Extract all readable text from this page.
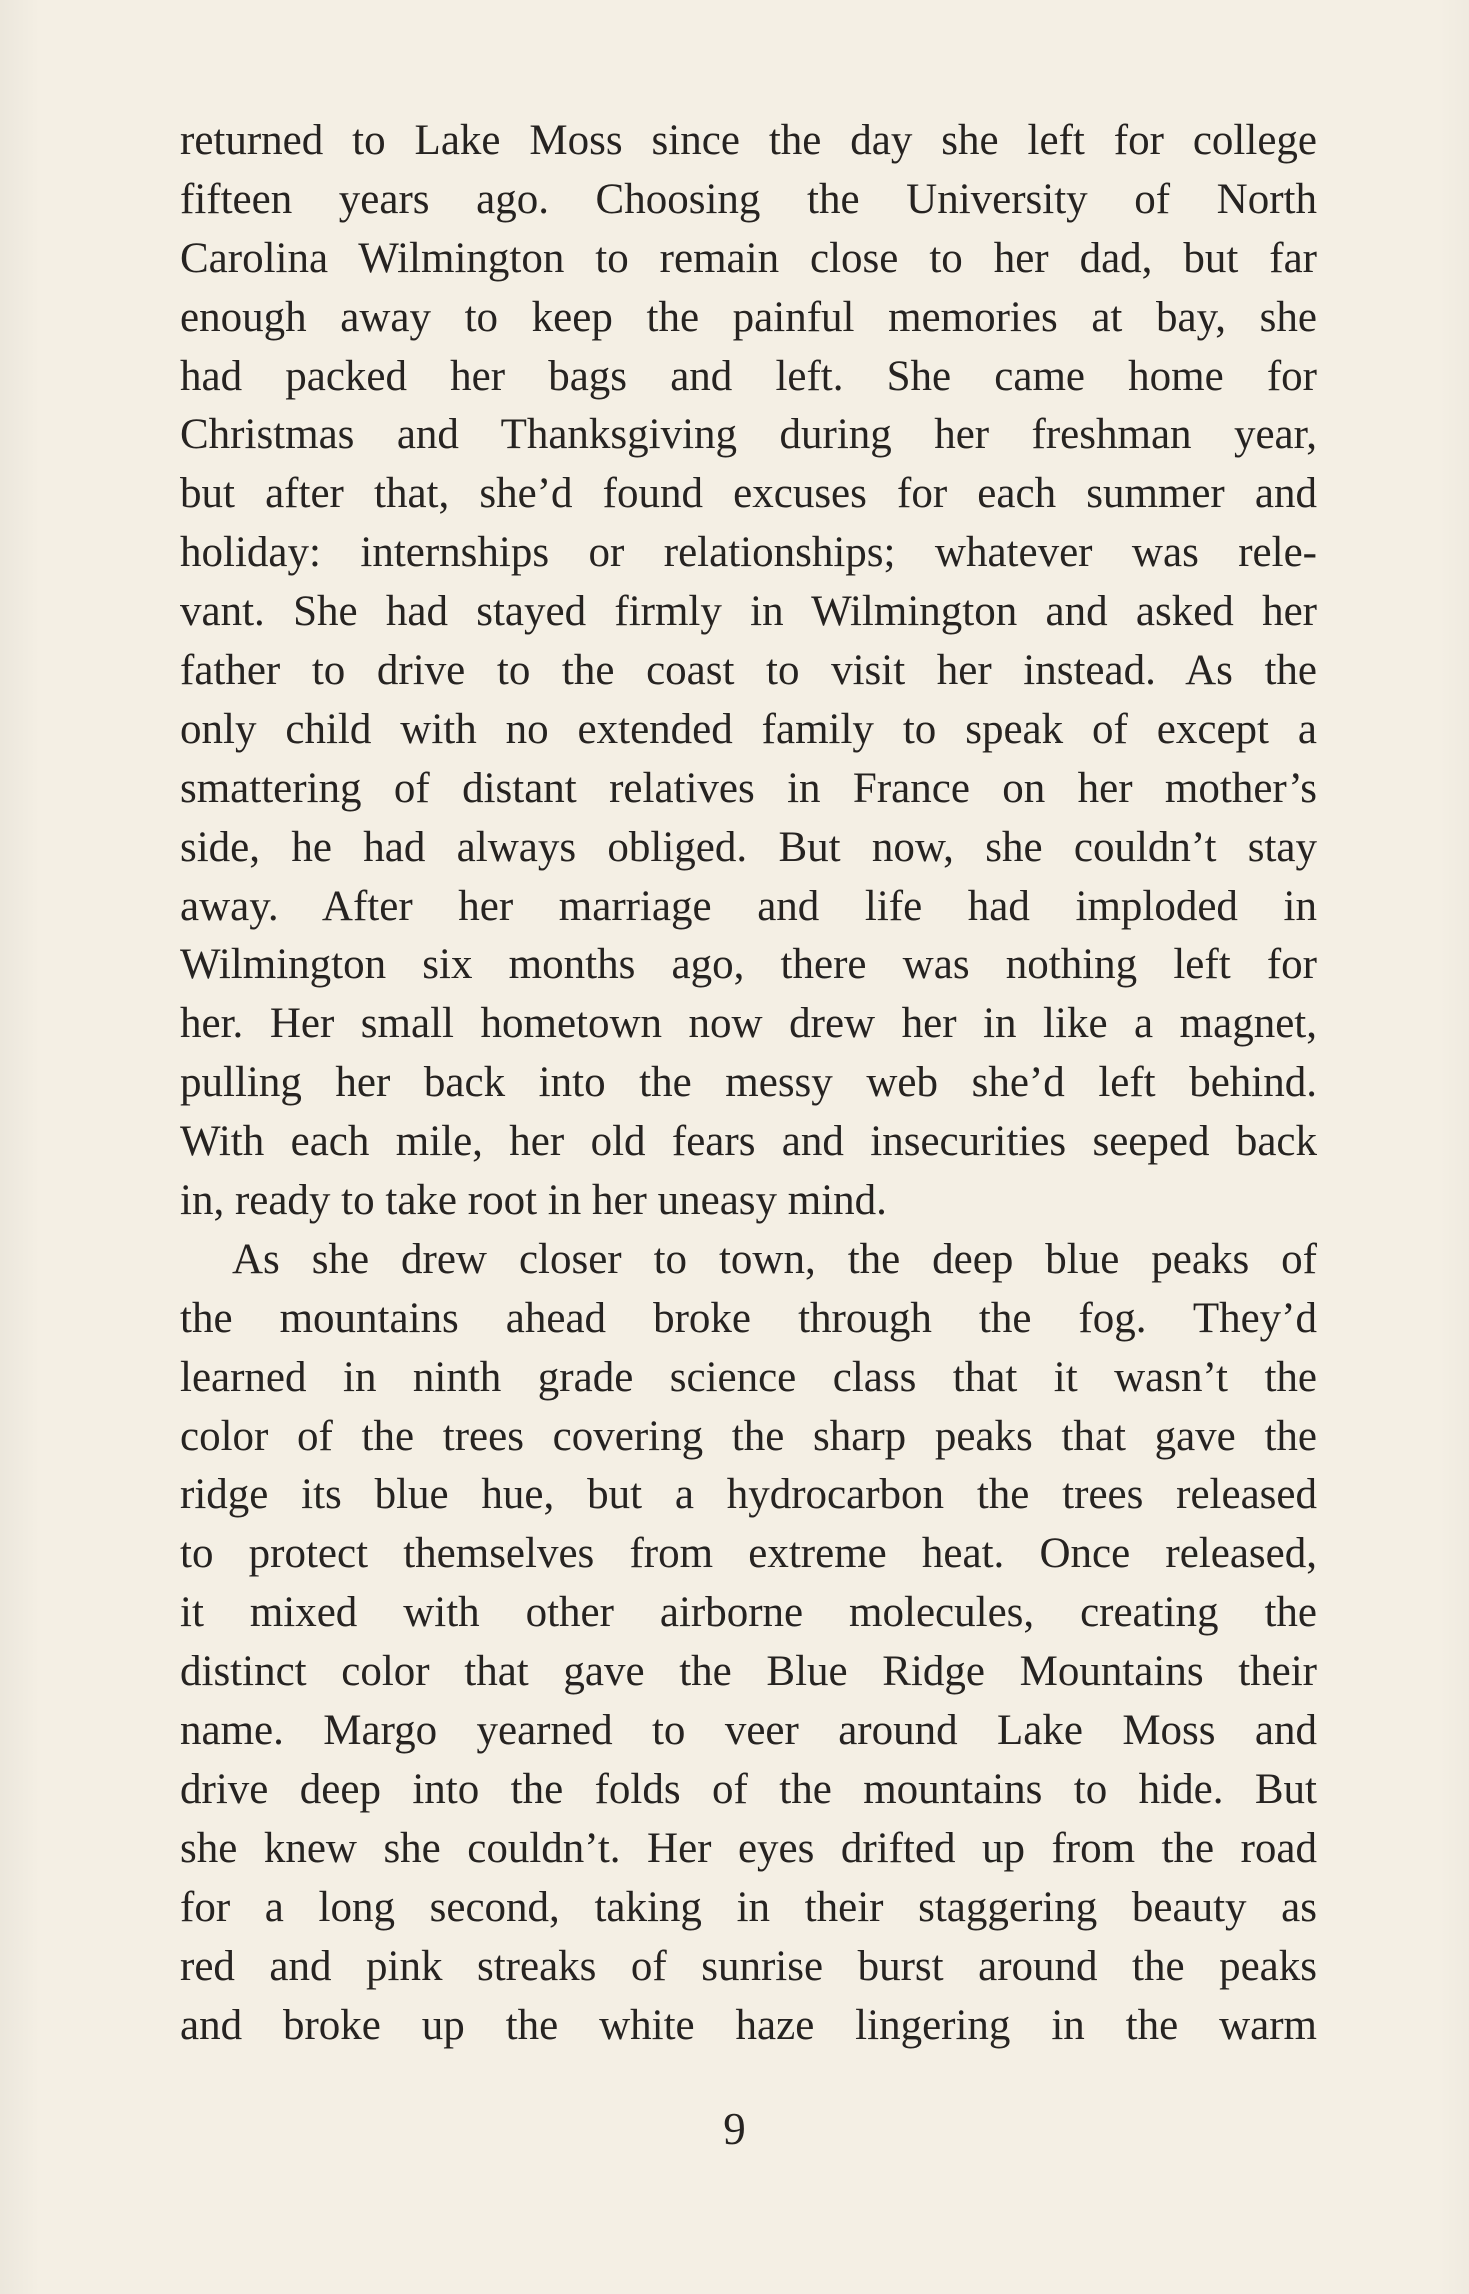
returned to Lake Moss since the day she left for college
fifteen years ago. Choosing the University of North
Carolina Wilmington to remain close to her dad, but far
enough away to keep the painful memories at bay, she
had packed her bags and left. She came home for
Christmas and Thanksgiving during her freshman year,
but after that, she’d found excuses for each summer and
holiday: internships or relationships; whatever was rele-
vant. She had stayed firmly in Wilmington and asked her
father to drive to the coast to visit her instead. As the
only child with no extended family to speak of except a
smattering of distant relatives in France on her mother’s
side, he had always obliged. But now, she couldn’t stay
away. After her marriage and life had imploded in
Wilmington six months ago, there was nothing left for
her. Her small hometown now drew her in like a magnet,
pulling her back into the messy web she’d left behind.
With each mile, her old fears and insecurities seeped back
in, ready to take root in her uneasy mind.

As she drew closer to town, the deep blue peaks of
the mountains ahead broke through the fog. They’d
learned in ninth grade science class that it wasn’t the
color of the trees covering the sharp peaks that gave the
ridge its blue hue, but a hydrocarbon the trees released
to protect themselves from extreme heat. Once released,
it mixed with other airborne molecules, creating the
distinct color that gave the Blue Ridge Mountains their
name. Margo yearned to veer around Lake Moss and
drive deep into the folds of the mountains to hide. But
she knew she couldn’t. Her eyes drifted up from the road
for a long second, taking in their staggering beauty as
red and pink streaks of sunrise burst around the peaks
and broke up the white haze lingering in the warm

9
